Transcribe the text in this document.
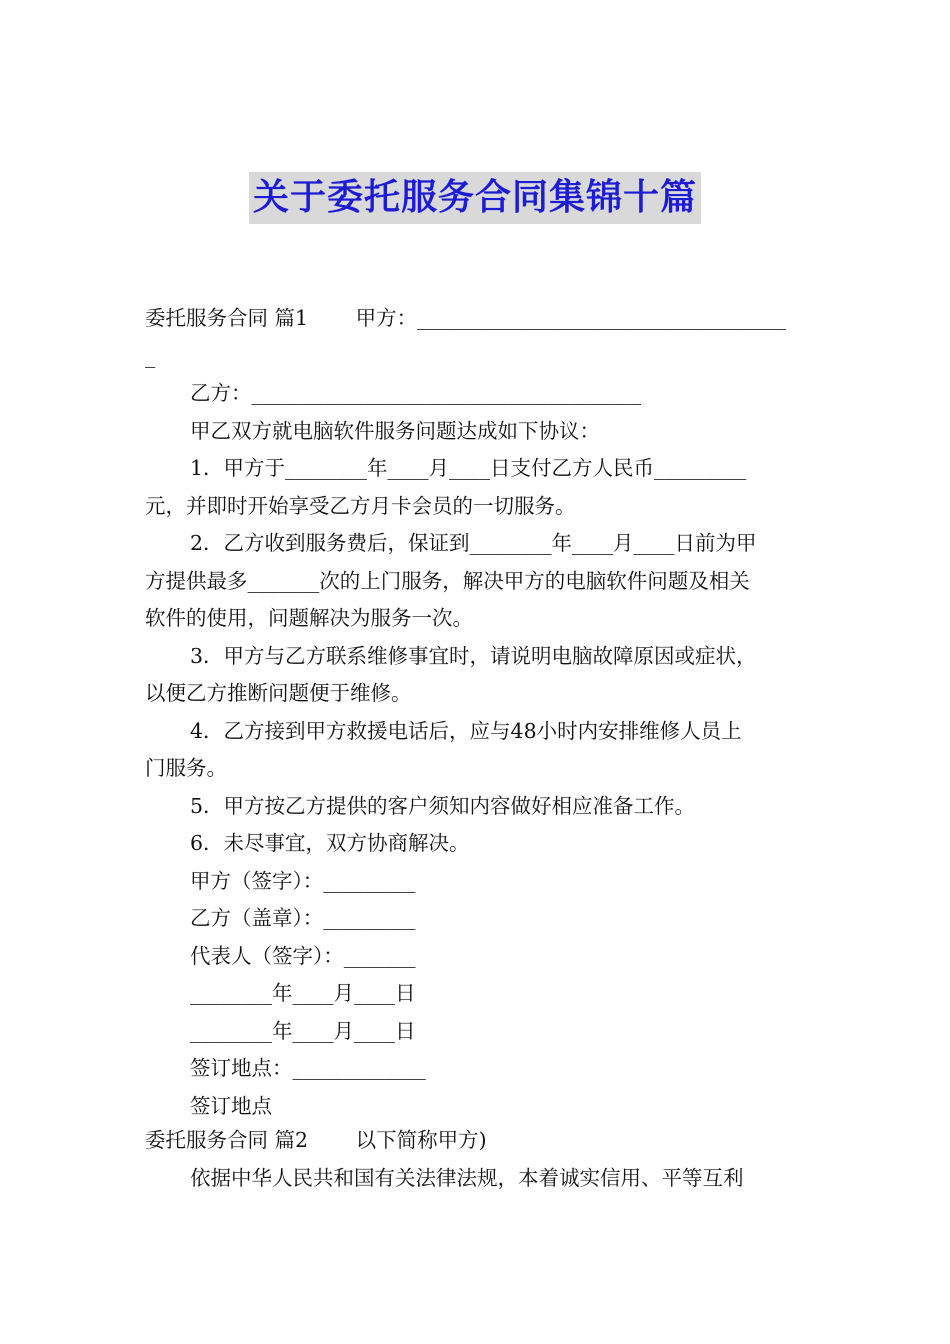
关于委托服务合同集锦十篇
委托服务合同 篇1　　 甲方：____________________________________
_
乙方：______________________________________
甲乙双方就电脑软件服务问题达成如下协议：
1．甲方于________年____月____日支付乙方人民币_________
元，并即时开始享受乙方月卡会员的一切服务。
2．乙方收到服务费后，保证到________年____月____日前为甲
方提供最多_______次的上门服务，解决甲方的电脑软件问题及相关
软件的使用，问题解决为服务一次。
3．甲方与乙方联系维修事宜时，请说明电脑故障原因或症状，
以便乙方推断问题便于维修。
4．乙方接到甲方救援电话后，应与48小时内安排维修人员上
门服务。
5．甲方按乙方提供的客户须知内容做好相应准备工作。
6．未尽事宜，双方协商解决。
甲方（签字）：_________
乙方（盖章）：_________
代表人（签字）：_______
________年____月____日
________年____月____日
签订地点：_____________
签订地点
委托服务合同 篇2　　 以下简称甲方)
依据中华人民共和国有关法律法规，本着诚实信用、平等互利
